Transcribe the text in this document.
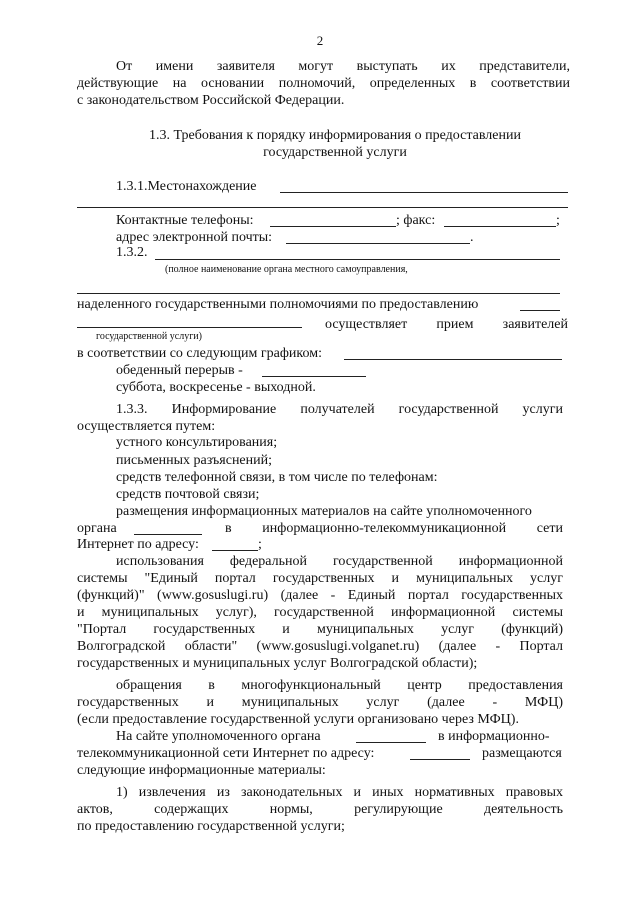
2
От имени заявителя могут выступать их представители,
действующие на основании полномочий, определенных в соответствии
с законодательством Российской Федерации.
1.3. Требования к порядку информирования о предоставлении
государственной услуги
1.3.1.Местонахождение
Контактные телефоны:	; факс:	;
адрес электронной почты:	.
1.3.2.
(полное наименование органа местного самоуправления,
наделенного государственными полномочиями по предоставлению
осуществляет прием заявителей
государственной услуги)
в соответствии со следующим графиком:
обеденный перерыв -
суббота, воскресенье - выходной.
1.3.3. Информирование получателей государственной услуги
осуществляется путем:
устного консультирования;
письменных разъяснений;
средств телефонной связи, в том числе по телефонам:
средств почтовой связи;
размещения информационных материалов на сайте уполномоченного
органа	в информационно-телекоммуникационной сети
Интернет по адресу:	;
использования федеральной государственной информационной
системы "Единый портал государственных и муниципальных услуг
(функций)" (www.gosuslugi.ru) (далее - Единый портал государственных
и муниципальных услуг), государственной информационной системы
"Портал государственных и муниципальных услуг (функций)
Волгоградской области" (www.gosuslugi.volganet.ru) (далее - Портал
государственных и муниципальных услуг Волгоградской области);
обращения в многофункциональный центр предоставления
государственных и муниципальных услуг (далее - МФЦ)
(если предоставление государственной услуги организовано через МФЦ).
На сайте уполномоченного органа	в информационно-
телекоммуникационной сети Интернет по адресу:	размещаются
следующие информационные материалы:
1) извлечения из законодательных и иных нормативных правовых
актов, содержащих нормы, регулирующие деятельность
по предоставлению государственной услуги;
